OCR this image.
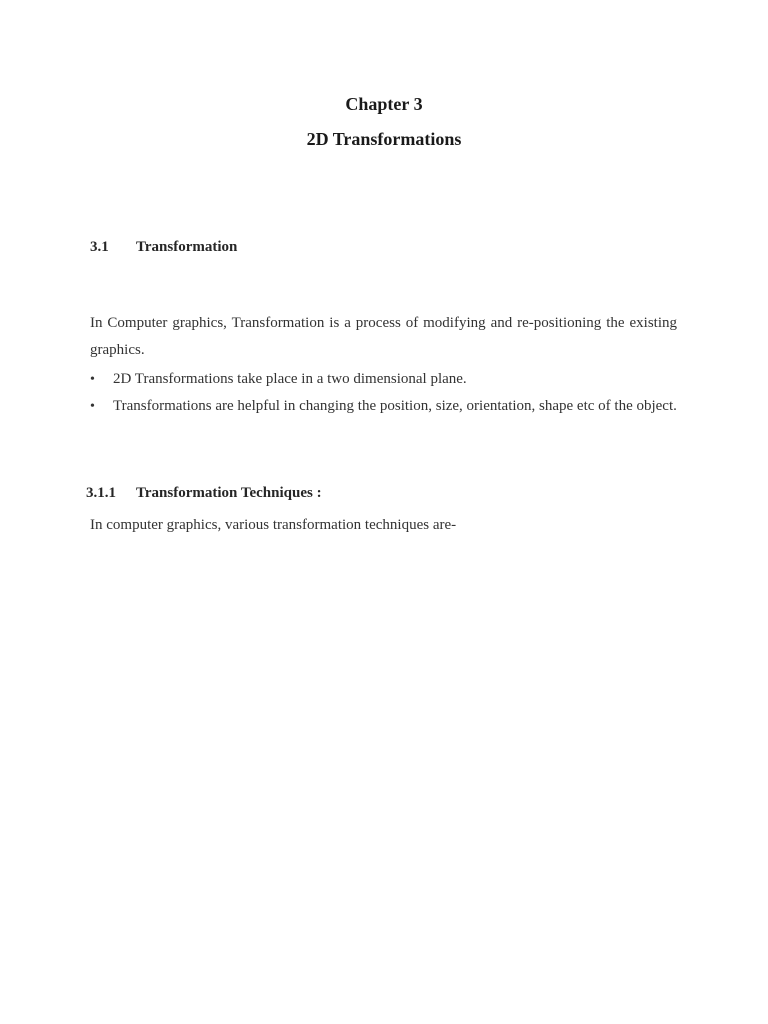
Chapter 3
2D Transformations
3.1 Transformation
In Computer graphics, Transformation is a process of modifying and re-positioning the existing graphics.
•	2D Transformations take place in a two dimensional plane.
•	Transformations are helpful in changing the position, size, orientation, shape etc of the object.
3.1.1 Transformation Techniques :
In computer graphics, various transformation techniques are-
